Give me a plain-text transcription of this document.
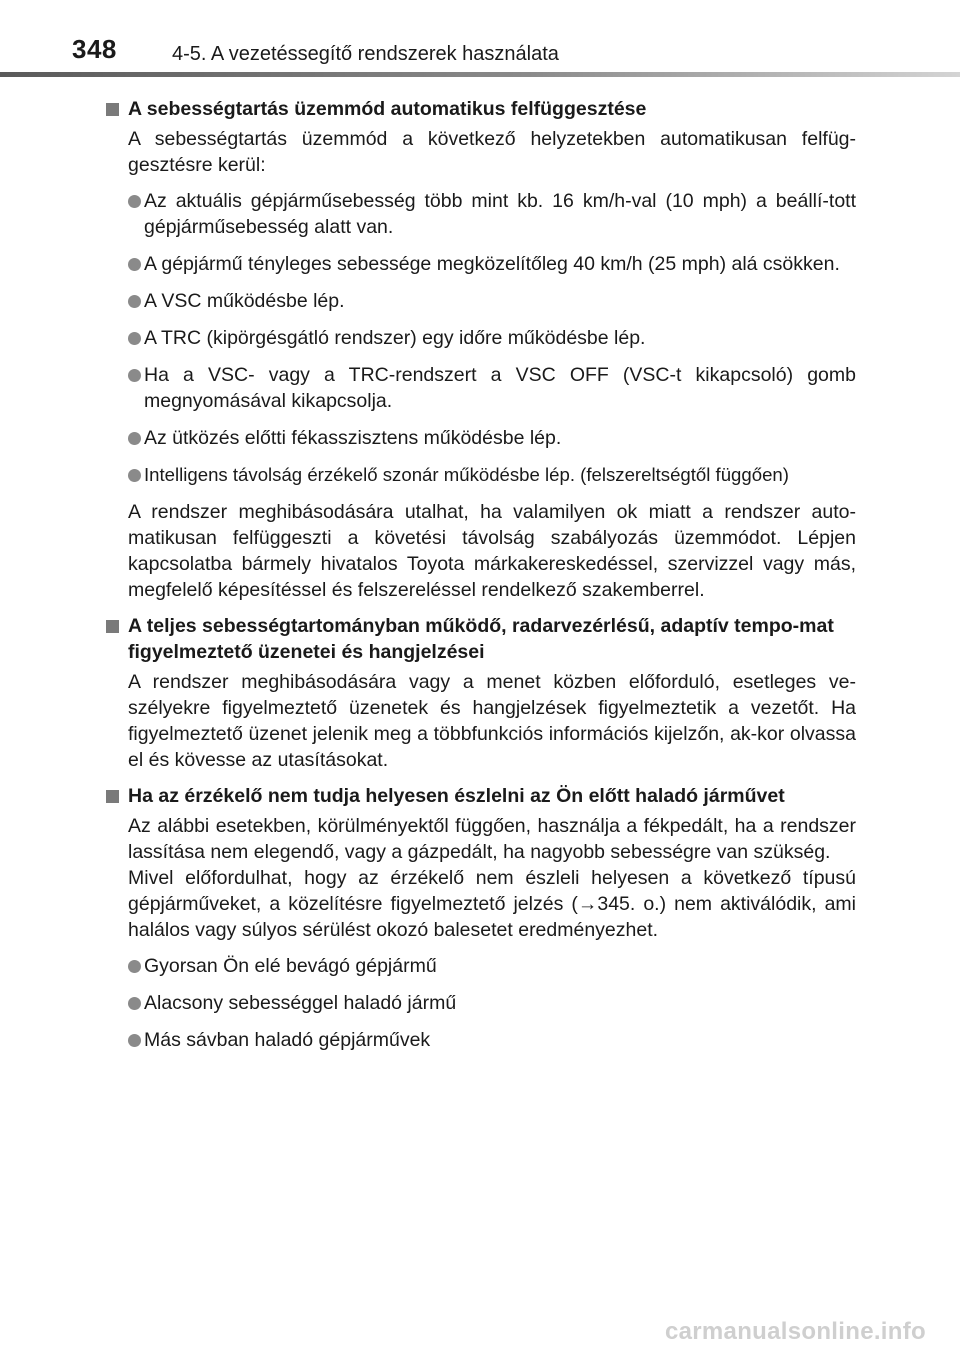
348	4-5. A vezetéssegítő rendszerek használata
A sebességtartás üzemmód automatikus felfüggesztése
A sebességtartás üzemmód a következő helyzetekben automatikusan felfüg-gesztésre kerül:
Az aktuális gépjárműsebesség több mint kb. 16 km/h-val (10 mph) a beállí-tott gépjárműsebesség alatt van.
A gépjármű tényleges sebessége megközelítőleg 40 km/h (25 mph) alá csökken.
A VSC működésbe lép.
A TRC (kipörgésgátló rendszer) egy időre működésbe lép.
Ha a VSC- vagy a TRC-rendszert a VSC OFF (VSC-t kikapcsoló) gomb megnyomásával kikapcsolja.
Az ütközés előtti fékasszisztens működésbe lép.
Intelligens távolság érzékelő szonár működésbe lép. (felszereltségtől függően)
A rendszer meghibásodására utalhat, ha valamilyen ok miatt a rendszer auto-matikusan felfüggeszti a követési távolság szabályozás üzemmódot. Lépjen kapcsolatba bármely hivatalos Toyota márkakereskedéssel, szervizzel vagy más, megfelelő képesítéssel és felszereléssel rendelkező szakemberrel.
A teljes sebességtartományban működő, radarvezérlésű, adaptív tempo-mat figyelmeztető üzenetei és hangjelzései
A rendszer meghibásodására vagy a menet közben előforduló, esetleges ve-szélyekre figyelmeztető üzenetek és hangjelzések figyelmeztetik a vezetőt. Ha figyelmeztető üzenet jelenik meg a többfunkciós információs kijelzőn, ak-kor olvassa el és kövesse az utasításokat.
Ha az érzékelő nem tudja helyesen észlelni az Ön előtt haladó járművet
Az alábbi esetekben, körülményektől függően, használja a fékpedált, ha a rendszer lassítása nem elegendő, vagy a gázpedált, ha nagyobb sebességre van szükség.
Mivel előfordulhat, hogy az érzékelő nem észleli helyesen a következő típusú gépjárműveket, a közelítésre figyelmeztető jelzés (→345. o.) nem aktiválódik, ami halálos vagy súlyos sérülést okozó balesetet eredményezhet.
Gyorsan Ön elé bevágó gépjármű
Alacsony sebességgel haladó jármű
Más sávban haladó gépjárművek
carmanualsonline.info
